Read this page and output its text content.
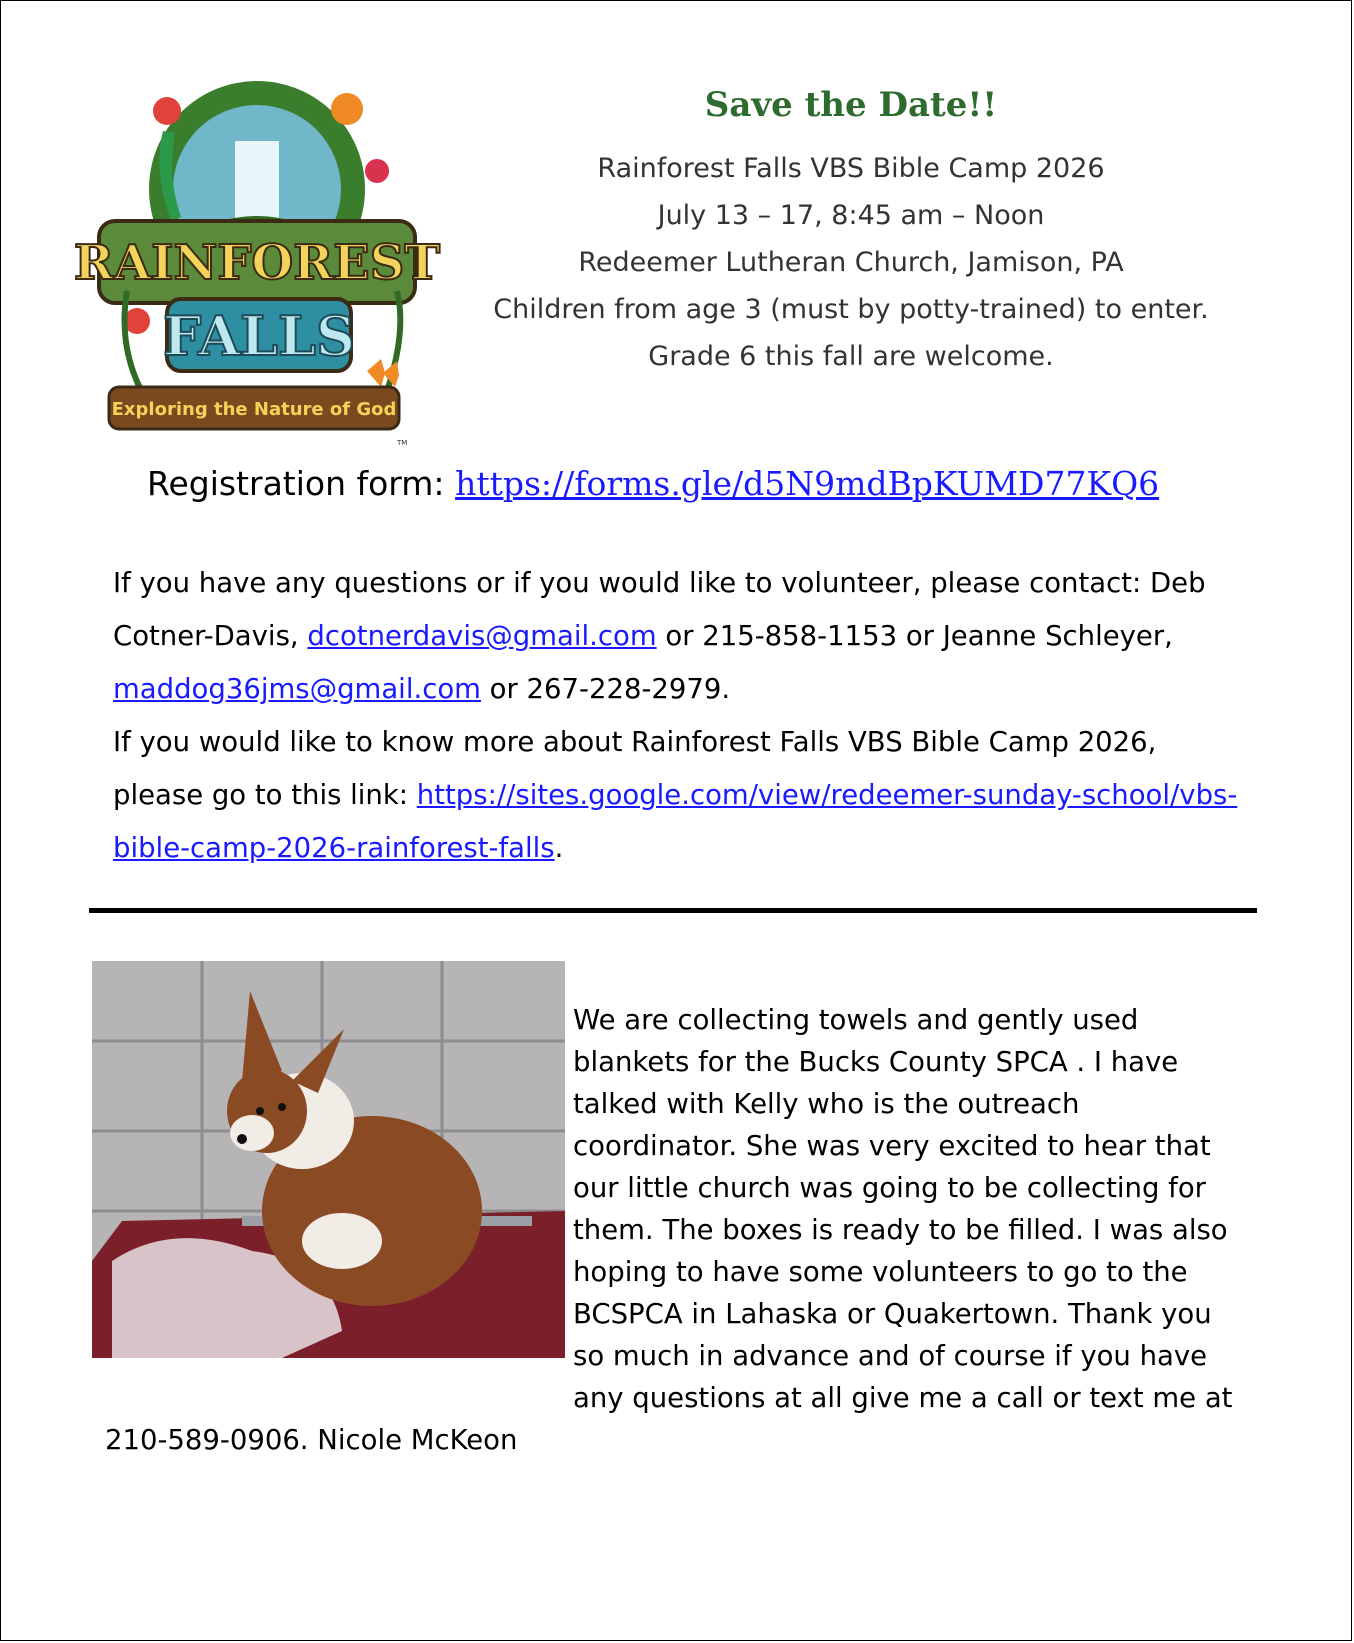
RAINFOREST
FALLS
Exploring the Nature of God
TM
Save the Date!!

Rainforest Falls VBS Bible Camp 2026

July 13 – 17, 8:45 am – Noon

Redeemer Lutheran Church, Jamison, PA

Children from age 3 (must by potty-trained) to enter.

Grade 6 this fall are welcome.

Registration form: https://forms.gle/d5N9mdBpKUMD77KQ6

If you have any questions or if you would like to volunteer, please contact: Deb Cotner-Davis, dcotnerdavis@gmail.com or 215-858-1153 or Jeanne Schleyer, maddog36jms@gmail.com or 267-228-2979.

If you would like to know more about Rainforest Falls VBS Bible Camp 2026, please go to this link: https://sites.google.com/view/redeemer-sunday-school/vbs-bible-camp-2026-rainforest-falls.

We are collecting towels and gently used blankets for the Bucks County SPCA . I have talked with Kelly who is the outreach coordinator. She was very excited to hear that our little church was going to be collecting for them. The boxes is ready to be filled. I was also hoping to have some volunteers to go to the BCSPCA in Lahaska or Quakertown. Thank you so much in advance and of course if you have any questions at all give me a call or text me at 210-589-0906. Nicole McKeon
